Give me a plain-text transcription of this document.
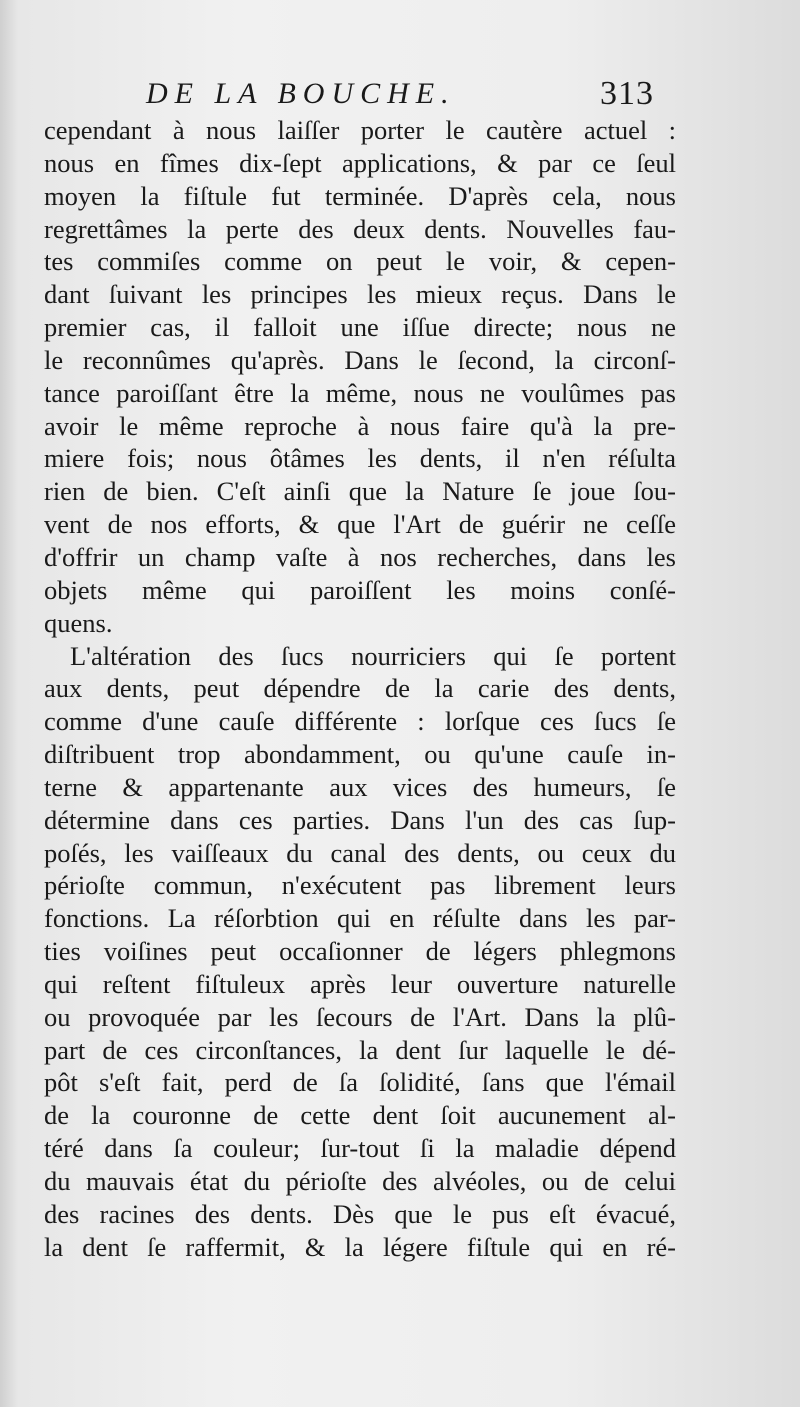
DE LA BOUCHE.	313
cependant à nous laiſſer porter le cautère actuel :
nous en fîmes dix-ſept applications, & par ce ſeul
moyen la fiſtule fut terminée. D'après cela, nous
regrettâmes la perte des deux dents. Nouvelles fau-
tes commiſes comme on peut le voir, & cepen-
dant ſuivant les principes les mieux reçus. Dans le
premier cas, il falloit une iſſue directe; nous ne
le reconnûmes qu'après. Dans le ſecond, la circonſ-
tance paroiſſant être la même, nous ne voulûmes pas
avoir le même reproche à nous faire qu'à la pre-
miere fois; nous ôtâmes les dents, il n'en réſulta
rien de bien. C'eſt ainſi que la Nature ſe joue ſou-
vent de nos efforts, & que l'Art de guérir ne ceſſe
d'offrir un champ vaſte à nos recherches, dans les
objets même qui paroiſſent les moins conſé-
quens.
L'altération des ſucs nourriciers qui ſe portent
aux dents, peut dépendre de la carie des dents,
comme d'une cauſe différente : lorſque ces ſucs ſe
diſtribuent trop abondamment, ou qu'une cauſe in-
terne & appartenante aux vices des humeurs, ſe
détermine dans ces parties. Dans l'un des cas ſup-
poſés, les vaiſſeaux du canal des dents, ou ceux du
périoſte commun, n'exécutent pas librement leurs
fonctions. La réſorbtion qui en réſulte dans les par-
ties voiſines peut occaſionner de légers phlegmons
qui reſtent fiſtuleux après leur ouverture naturelle
ou provoquée par les ſecours de l'Art. Dans la plû-
part de ces circonſtances, la dent ſur laquelle le dé-
pôt s'eſt fait, perd de ſa ſolidité, ſans que l'émail
de la couronne de cette dent ſoit aucunement al-
téré dans ſa couleur; ſur-tout ſi la maladie dépend
du mauvais état du périoſte des alvéoles, ou de celui
des racines des dents. Dès que le pus eſt évacué,
la dent ſe raffermit, & la légere fiſtule qui en ré-
